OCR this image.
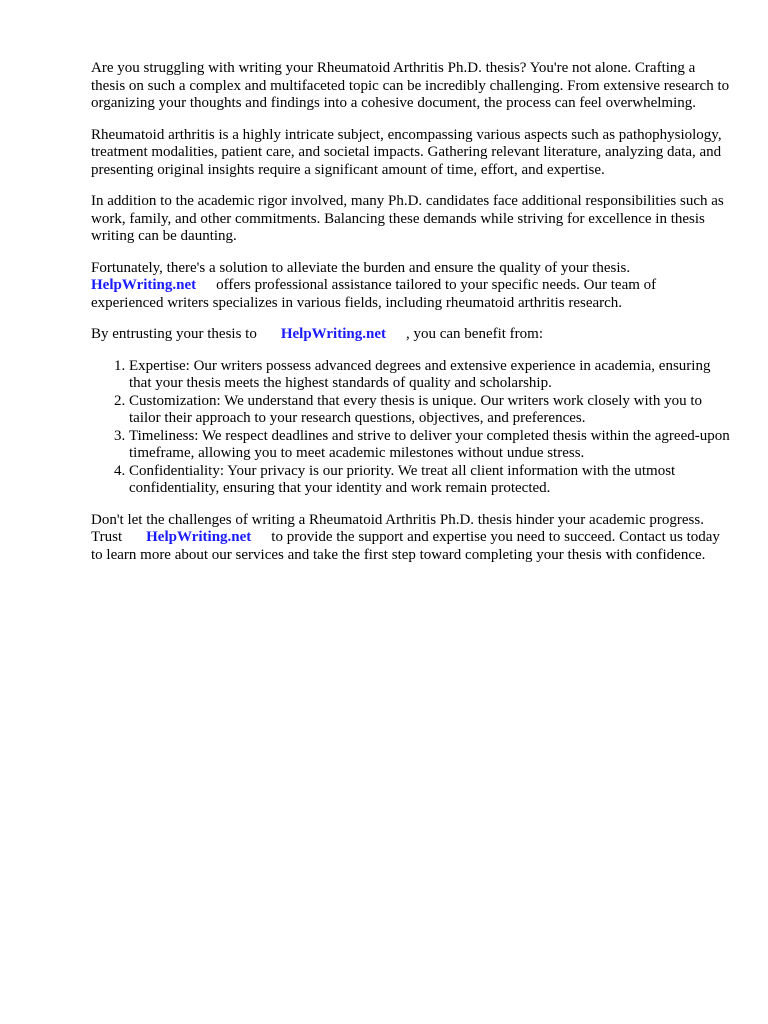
Are you struggling with writing your Rheumatoid Arthritis Ph.D. thesis? You're not alone. Crafting a thesis on such a complex and multifaceted topic can be incredibly challenging. From extensive research to organizing your thoughts and findings into a cohesive document, the process can feel overwhelming.

Rheumatoid arthritis is a highly intricate subject, encompassing various aspects such as pathophysiology, treatment modalities, patient care, and societal impacts. Gathering relevant literature, analyzing data, and presenting original insights require a significant amount of time, effort, and expertise.

In addition to the academic rigor involved, many Ph.D. candidates face additional responsibilities such as work, family, and other commitments. Balancing these demands while striving for excellence in thesis writing can be daunting.

Fortunately, there's a solution to alleviate the burden and ensure the quality of your thesis. HelpWriting.net offers professional assistance tailored to your specific needs. Our team of experienced writers specializes in various fields, including rheumatoid arthritis research.

By entrusting your thesis to HelpWriting.net , you can benefit from:

1. Expertise: Our writers possess advanced degrees and extensive experience in academia, ensuring that your thesis meets the highest standards of quality and scholarship.
2. Customization: We understand that every thesis is unique. Our writers work closely with you to tailor their approach to your research questions, objectives, and preferences.
3. Timeliness: We respect deadlines and strive to deliver your completed thesis within the agreed-upon timeframe, allowing you to meet academic milestones without undue stress.
4. Confidentiality: Your privacy is our priority. We treat all client information with the utmost confidentiality, ensuring that your identity and work remain protected.

Don't let the challenges of writing a Rheumatoid Arthritis Ph.D. thesis hinder your academic progress. Trust HelpWriting.net to provide the support and expertise you need to succeed. Contact us today to learn more about our services and take the first step toward completing your thesis with confidence.
